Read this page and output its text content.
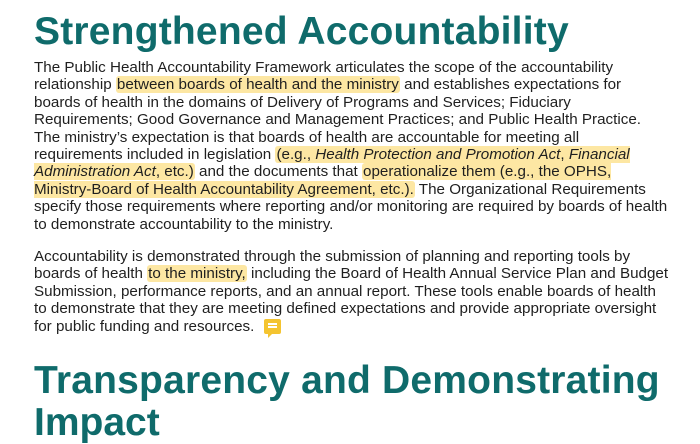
Strengthened Accountability

The Public Health Accountability Framework articulates the scope of the accountability relationship between boards of health and the ministry and establishes expectations for boards of health in the domains of Delivery of Programs and Services; Fiduciary Requirements; Good Governance and Management Practices; and Public Health Practice. The ministry’s expectation is that boards of health are accountable for meeting all requirements included in legislation (e.g., Health Protection and Promotion Act, Financial Administration Act, etc.) and the documents that operationalize them (e.g., the OPHS, Ministry-Board of Health Accountability Agreement, etc.). The Organizational Requirements specify those requirements where reporting and/or monitoring are required by boards of health to demonstrate accountability to the ministry.

Accountability is demonstrated through the submission of planning and reporting tools by boards of health to the ministry, including the Board of Health Annual Service Plan and Budget Submission, performance reports, and an annual report. These tools enable boards of health to demonstrate that they are meeting defined expectations and provide appropriate oversight for public funding and resources.

Transparency and Demonstrating
Impact
